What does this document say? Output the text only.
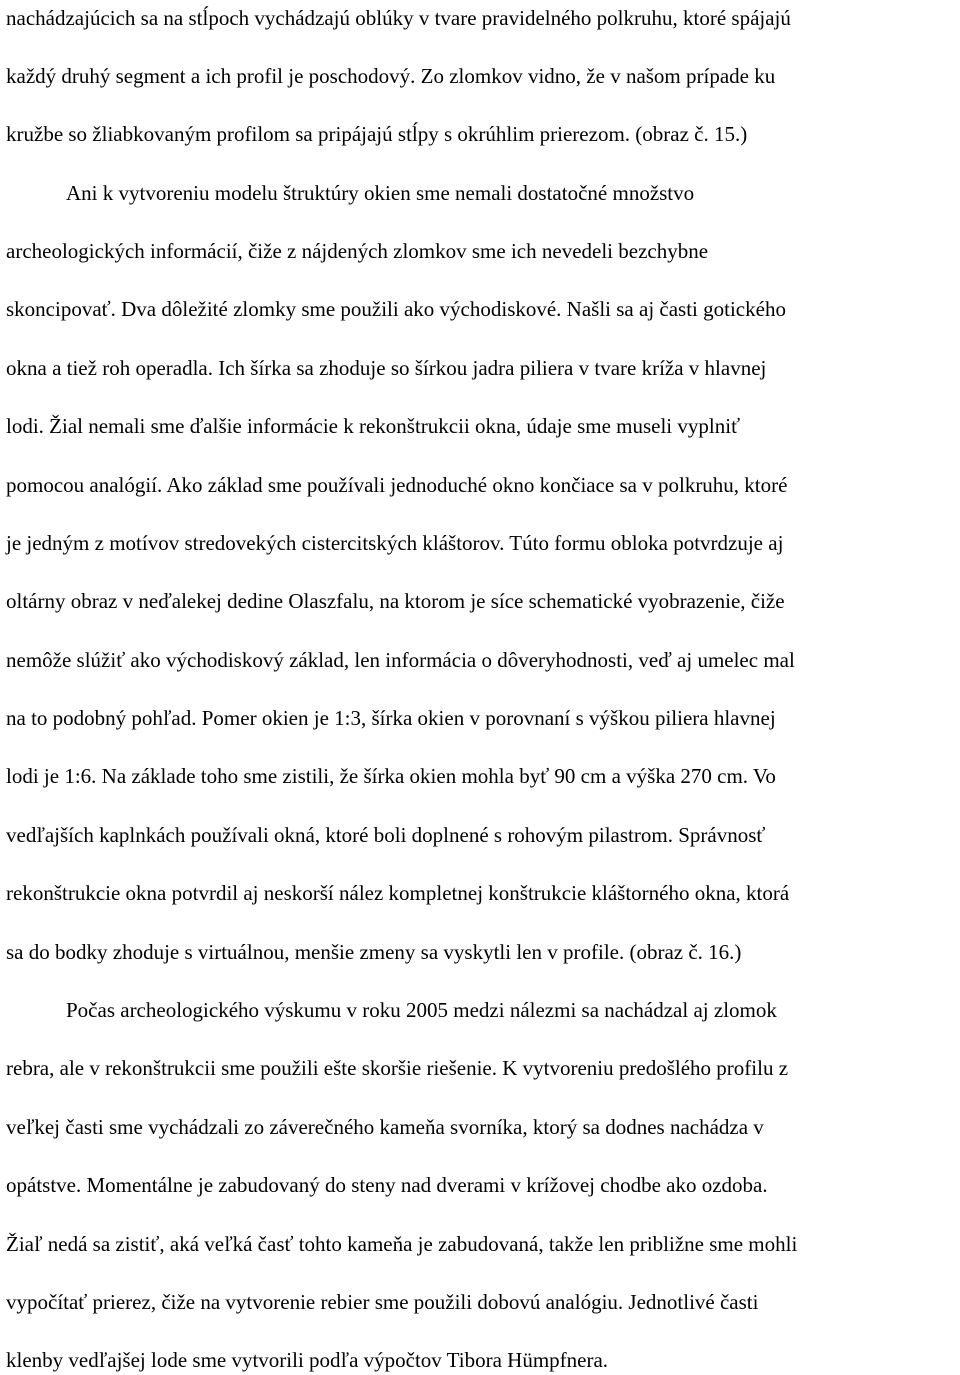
nachádzajúcich sa na stĺpoch vychádzajú oblúky v tvare pravidelného polkruhu, ktoré spájajú
každý druhý segment a ich profil je poschodový. Zo zlomkov vidno, že v našom prípade ku
kružbe so žliabkovaným profilom sa pripájajú stĺpy s okrúhlim prierezom. (obraz č. 15.)
Ani k vytvoreniu modelu štruktúry okien sme nemali dostatočné množstvo
archeologických informácií, čiže z nájdených zlomkov sme ich nevedeli bezchybne
skoncipovať. Dva dôležité zlomky sme použili ako východiskové. Našli sa aj časti gotického
okna a tiež roh operadla. Ich šírka sa zhoduje so šírkou jadra piliera v tvare kríža v hlavnej
lodi. Žial nemali sme ďalšie informácie k rekonštrukcii okna, údaje sme museli vyplniť
pomocou analógií. Ako základ sme používali jednoduché okno končiace sa v polkruhu, ktoré
je jedným z motívov stredovekých cistercitských kláštorov. Túto formu obloka potvrdzuje aj
oltárny obraz v neďalekej dedine Olaszfalu, na ktorom je síce schematické vyobrazenie, čiže
nemôže slúžiť ako východiskový základ, len informácia o dôveryhodnosti, veď aj umelec mal
na to podobný pohľad. Pomer okien je 1:3, šírka okien v porovnaní s výškou piliera hlavnej
lodi je 1:6. Na základe toho sme zistili, že šírka okien mohla byť 90 cm a výška 270 cm. Vo
vedľajších kaplnkách používali okná, ktoré boli doplnené s rohovým pilastrom. Správnosť
rekonštrukcie okna potvrdil aj neskorší nález kompletnej konštrukcie kláštorného okna, ktorá
sa do bodky zhoduje s virtuálnou, menšie zmeny sa vyskytli len v profile. (obraz č. 16.)
Počas archeologického výskumu v roku 2005 medzi nálezmi sa nachádzal aj zlomok
rebra, ale v rekonštrukcii sme použili ešte skoršie riešenie. K vytvoreniu predošlého profilu z
veľkej časti sme vychádzali zo záverečného kameňa svorníka, ktorý sa dodnes nachádza v
opátstve. Momentálne je zabudovaný do steny nad dverami v krížovej chodbe ako ozdoba.
Žiaľ nedá sa zistiť, aká veľká časť tohto kameňa je zabudovaná, takže len približne sme mohli
vypočítať prierez, čiže na vytvorenie rebier sme použili dobovú analógiu. Jednotlivé časti
klenby vedľajšej lode sme vytvorili podľa výpočtov Tibora Hümpfnera.
